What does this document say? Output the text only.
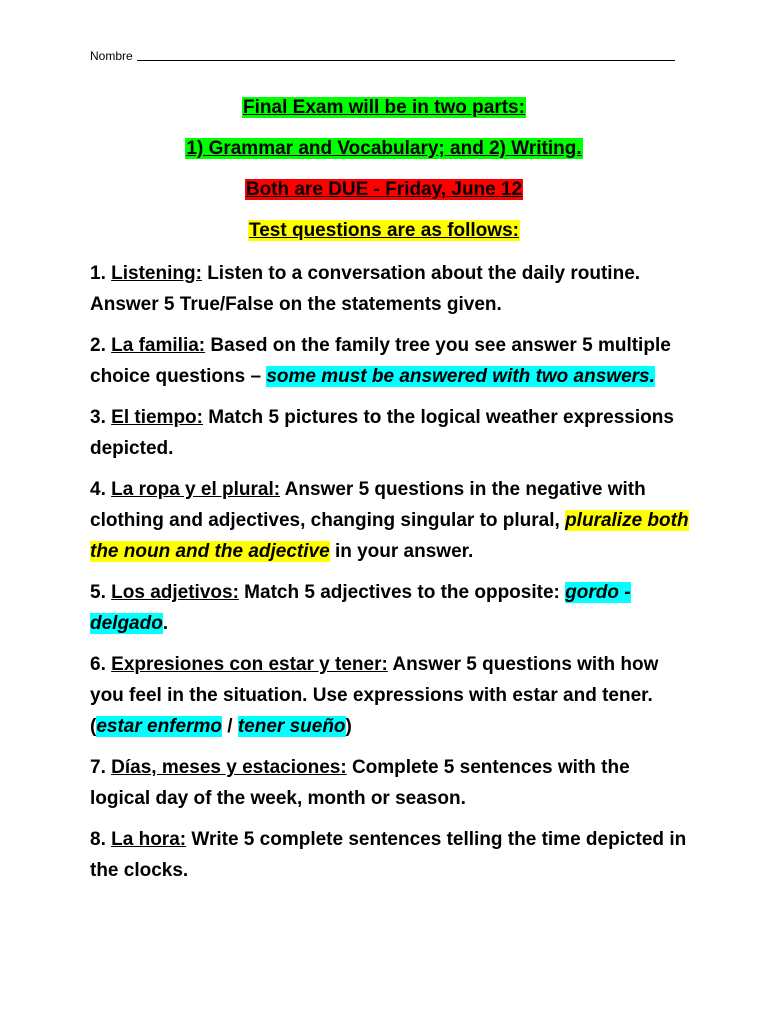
Nombre
Final Exam will be in two parts:
1) Grammar and Vocabulary; and 2) Writing.
Both are DUE - Friday, June 12
Test questions are as follows:

1. Listening: Listen to a conversation about the daily routine. Answer 5 True/False on the statements given.

2. La familia: Based on the family tree you see answer 5 multiple choice questions – some must be answered with two answers.

3. El tiempo: Match 5 pictures to the logical weather expressions depicted.

4. La ropa y el plural: Answer 5 questions in the negative with clothing and adjectives, changing singular to plural, pluralize both the noun and the adjective in your answer.

5. Los adjetivos: Match 5 adjectives to the opposite: gordo - delgado.

6. Expresiones con estar y tener: Answer 5 questions with how you feel in the situation. Use expressions with estar and tener. (estar enfermo / tener sueño)

7. Días, meses y estaciones: Complete 5 sentences with the logical day of the week, month or season.

8. La hora: Write 5 complete sentences telling the time depicted in the clocks.
